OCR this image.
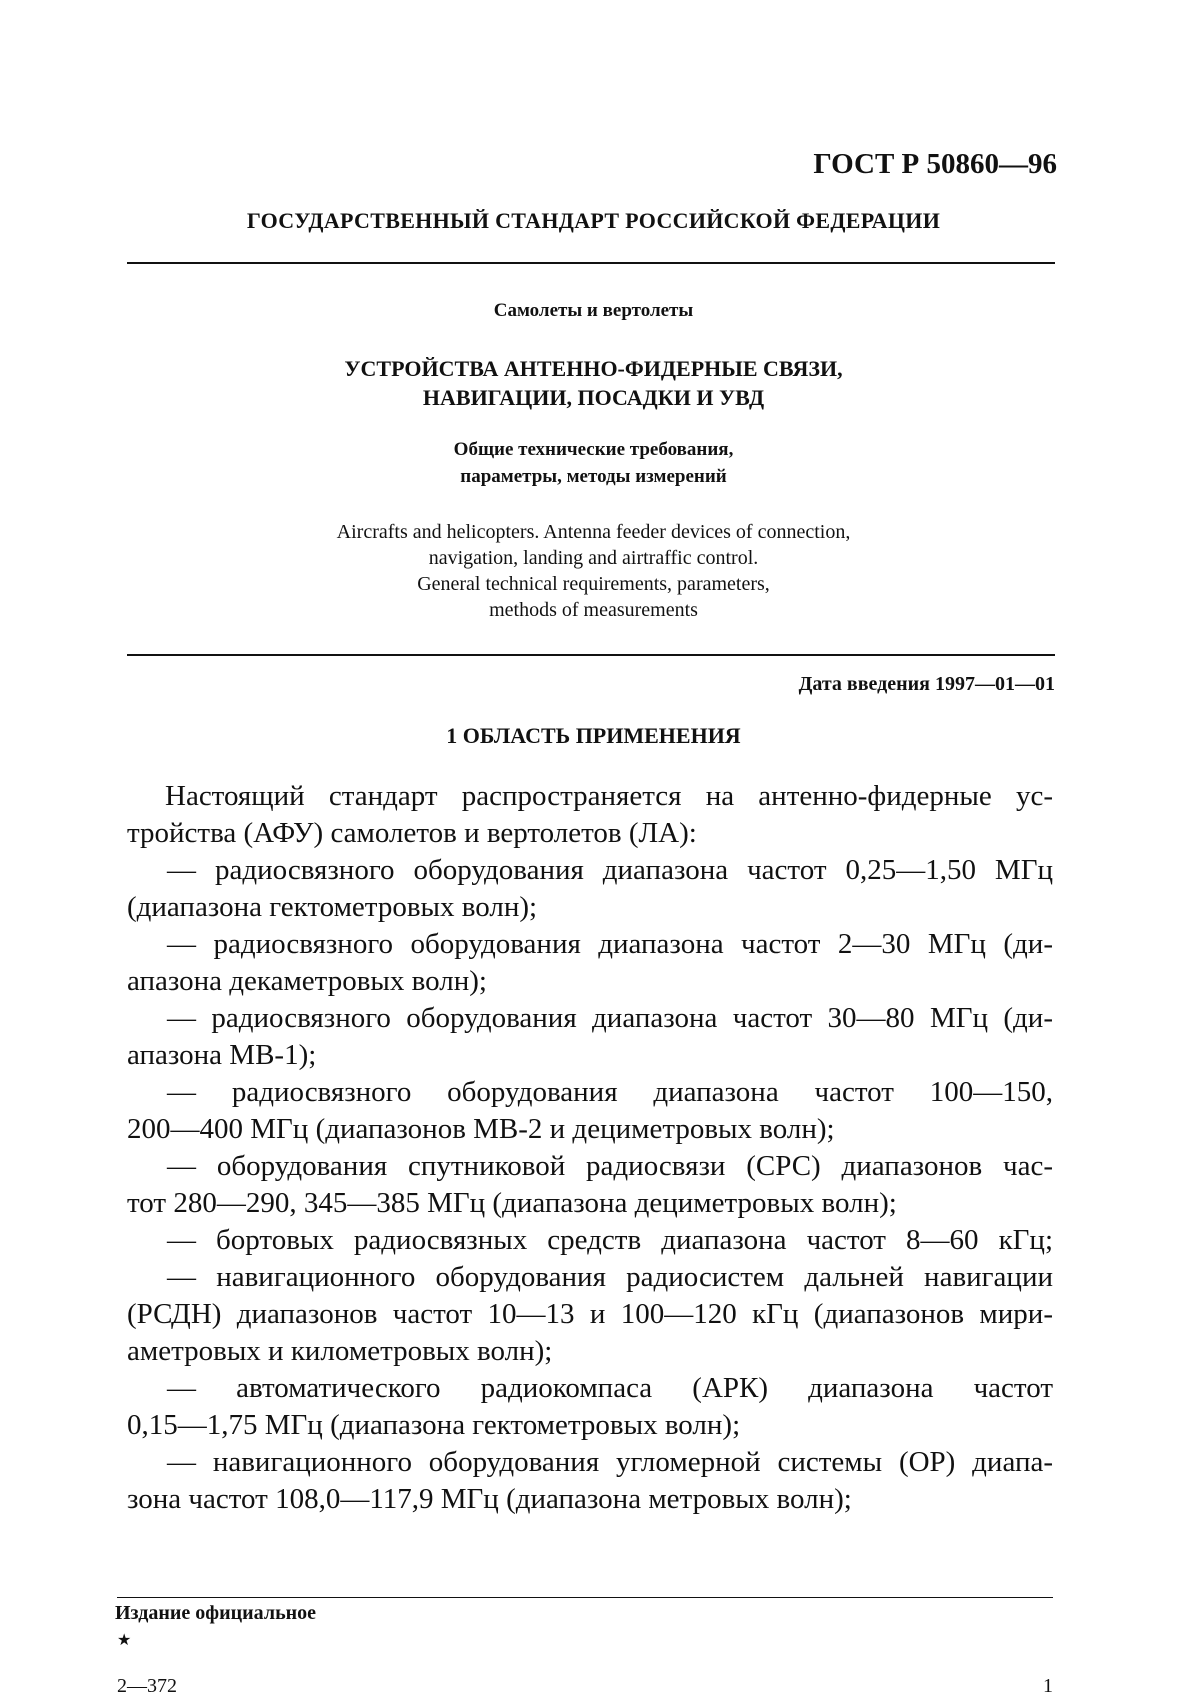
ГОСТ Р 50860—96
ГОСУДАРСТВЕННЫЙ СТАНДАРТ РОССИЙСКОЙ ФЕДЕРАЦИИ
Самолеты и вертолеты
УСТРОЙСТВА АНТЕННО-ФИДЕРНЫЕ СВЯЗИ,
НАВИГАЦИИ, ПОСАДКИ И УВД
Общие технические требования,
параметры, методы измерений
Aircrafts and helicopters. Antenna feeder devices of connection,
navigation, landing and airtraffic control.
General technical requirements, parameters,
methods of measurements
Дата введения 1997—01—01
1 ОБЛАСТЬ ПРИМЕНЕНИЯ
Настоящий стандарт распространяется на антенно-фидерные ус-
тройства (АФУ) самолетов и вертолетов (ЛА):
— радиосвязного оборудования диапазона частот 0,25—1,50 МГц
(диапазона гектометровых волн);
— радиосвязного оборудования диапазона частот 2—30 МГц (ди-
апазона декаметровых волн);
— радиосвязного оборудования диапазона частот 30—80 МГц (ди-
апазона МВ-1);
— радиосвязного оборудования диапазона частот 100—150,
200—400 МГц (диапазонов МВ-2 и дециметровых волн);
— оборудования спутниковой радиосвязи (СРС) диапазонов час-
тот 280—290, 345—385 МГц (диапазона дециметровых волн);
— бортовых радиосвязных средств диапазона частот 8—60 кГц;
— навигационного оборудования радиосистем дальней навигации
(РСДН) диапазонов частот 10—13 и 100—120 кГц (диапазонов мири-
аметровых и километровых волн);
— автоматического радиокомпаса (АРК) диапазона частот
0,15—1,75 МГц (диапазона гектометровых волн);
— навигационного оборудования угломерной системы (ОР) диапа-
зона частот 108,0—117,9 МГц (диапазона метровых волн);
Издание официальное
★
2—372	1
